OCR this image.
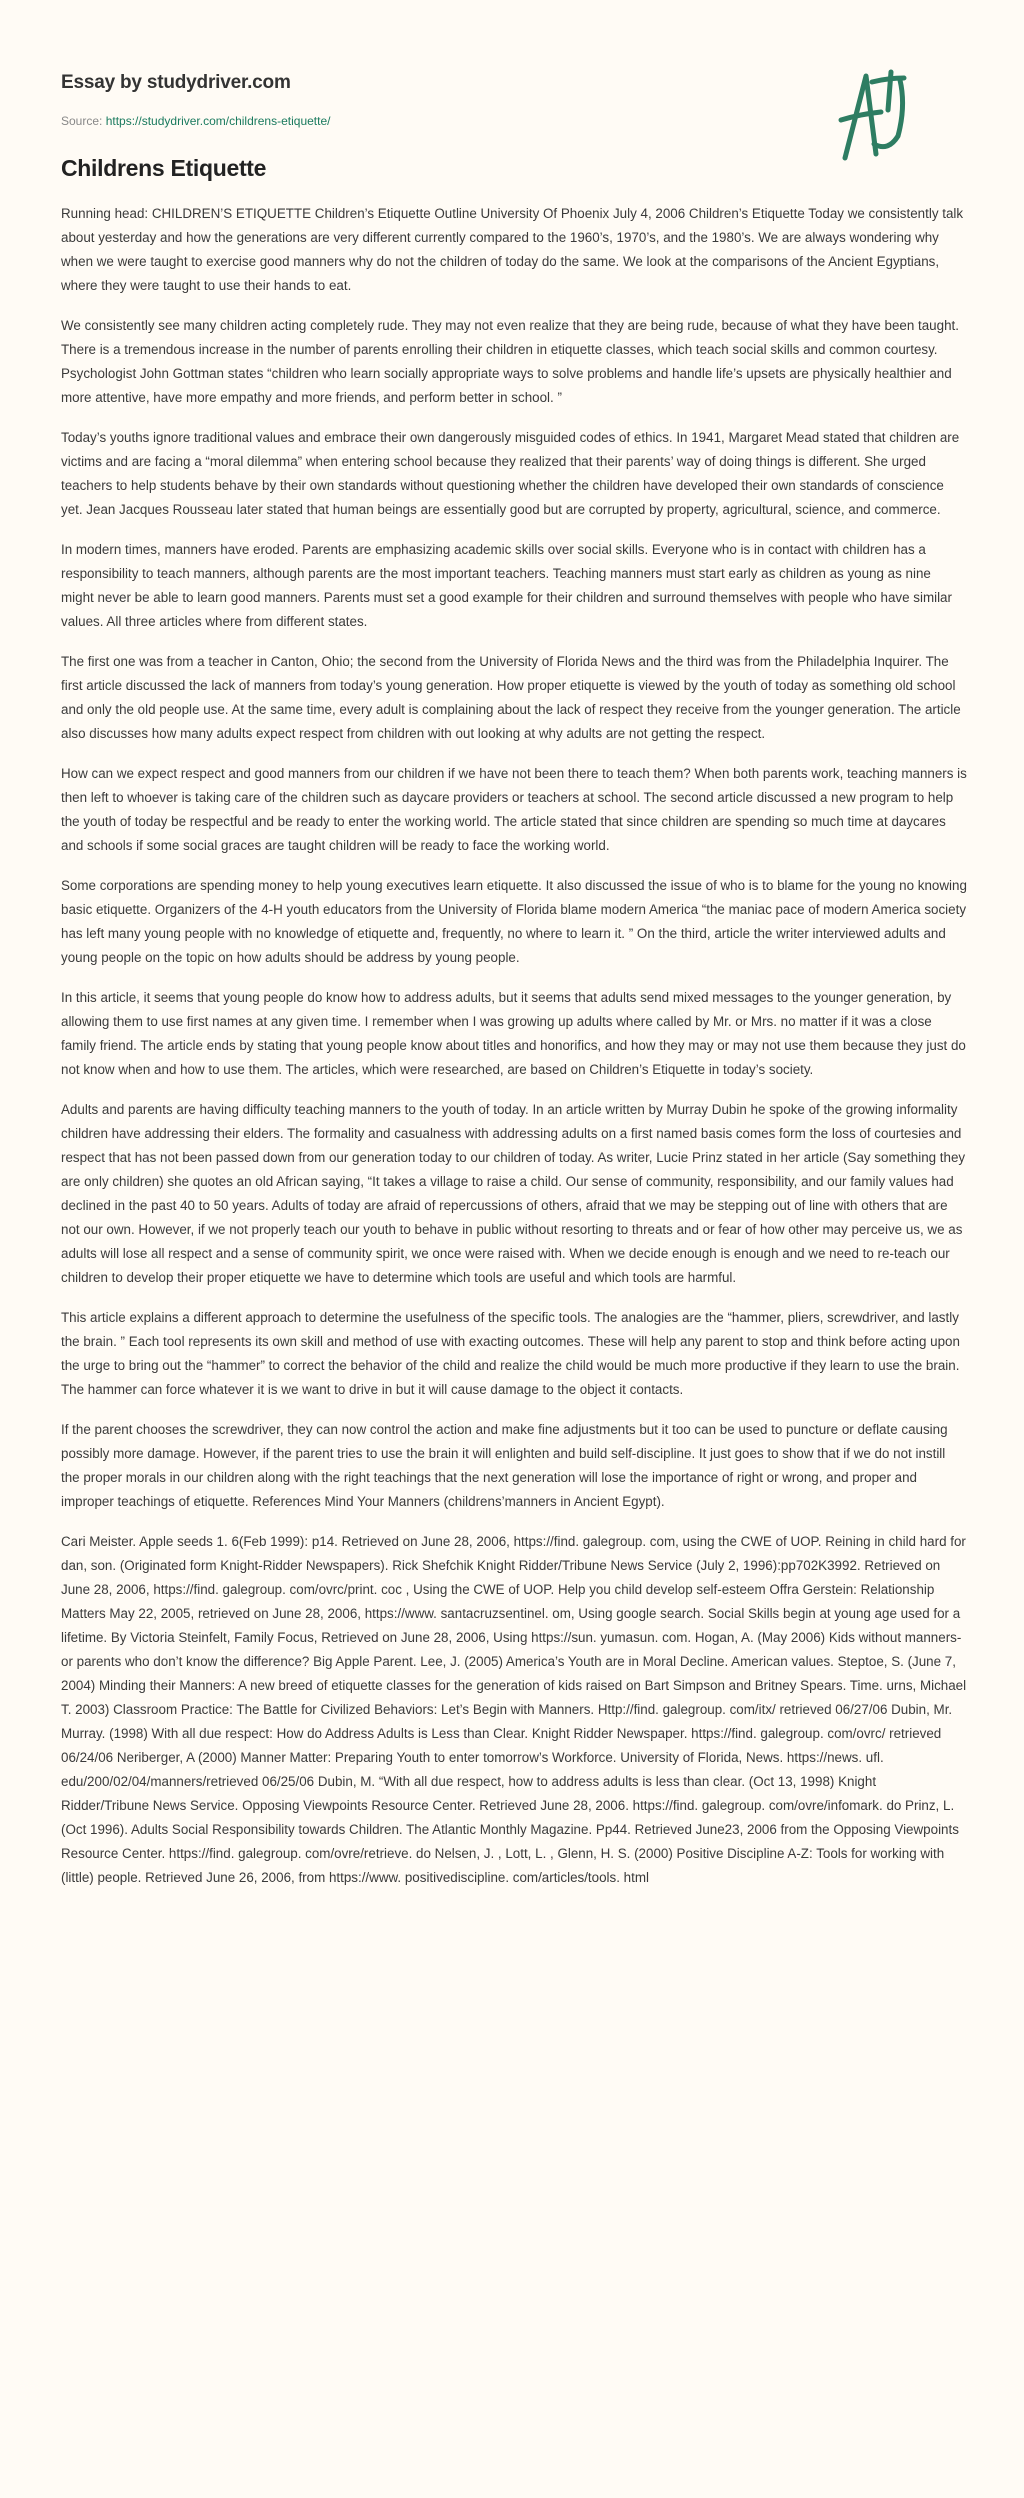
Essay by studydriver.com
Source: https://studydriver.com/childrens-etiquette/
Childrens Etiquette

Running head: CHILDREN’S ETIQUETTE Children’s Etiquette Outline University Of Phoenix July 4, 2006 Children’s Etiquette Today we consistently talk about yesterday and how the generations are very different currently compared to the 1960’s, 1970’s, and the 1980’s. We are always wondering why when we were taught to exercise good manners why do not the children of today do the same. We look at the comparisons of the Ancient Egyptians, where they were taught to use their hands to eat.

We consistently see many children acting completely rude. They may not even realize that they are being rude, because of what they have been taught. There is a tremendous increase in the number of parents enrolling their children in etiquette classes, which teach social skills and common courtesy. Psychologist John Gottman states “children who learn socially appropriate ways to solve problems and handle life’s upsets are physically healthier and more attentive, have more empathy and more friends, and perform better in school. ”

Today’s youths ignore traditional values and embrace their own dangerously misguided codes of ethics. In 1941, Margaret Mead stated that children are victims and are facing a “moral dilemma” when entering school because they realized that their parents’ way of doing things is different. She urged teachers to help students behave by their own standards without questioning whether the children have developed their own standards of conscience yet. Jean Jacques Rousseau later stated that human beings are essentially good but are corrupted by property, agricultural, science, and commerce.

In modern times, manners have eroded. Parents are emphasizing academic skills over social skills. Everyone who is in contact with children has a responsibility to teach manners, although parents are the most important teachers. Teaching manners must start early as children as young as nine might never be able to learn good manners. Parents must set a good example for their children and surround themselves with people who have similar values. All three articles where from different states.

The first one was from a teacher in Canton, Ohio; the second from the University of Florida News and the third was from the Philadelphia Inquirer. The first article discussed the lack of manners from today’s young generation. How proper etiquette is viewed by the youth of today as something old school and only the old people use. At the same time, every adult is complaining about the lack of respect they receive from the younger generation. The article also discusses how many adults expect respect from children with out looking at why adults are not getting the respect.

How can we expect respect and good manners from our children if we have not been there to teach them? When both parents work, teaching manners is then left to whoever is taking care of the children such as daycare providers or teachers at school. The second article discussed a new program to help the youth of today be respectful and be ready to enter the working world. The article stated that since children are spending so much time at daycares and schools if some social graces are taught children will be ready to face the working world.

Some corporations are spending money to help young executives learn etiquette. It also discussed the issue of who is to blame for the young no knowing basic etiquette. Organizers of the 4-H youth educators from the University of Florida blame modern America “the maniac pace of modern America society has left many young people with no knowledge of etiquette and, frequently, no where to learn it. ” On the third, article the writer interviewed adults and young people on the topic on how adults should be address by young people.

In this article, it seems that young people do know how to address adults, but it seems that adults send mixed messages to the younger generation, by allowing them to use first names at any given time. I remember when I was growing up adults where called by Mr. or Mrs. no matter if it was a close family friend. The article ends by stating that young people know about titles and honorifics, and how they may or may not use them because they just do not know when and how to use them. The articles, which were researched, are based on Children’s Etiquette in today’s society.

Adults and parents are having difficulty teaching manners to the youth of today. In an article written by Murray Dubin he spoke of the growing informality children have addressing their elders. The formality and casualness with addressing adults on a first named basis comes form the loss of courtesies and respect that has not been passed down from our generation today to our children of today. As writer, Lucie Prinz stated in her article (Say something they are only children) she quotes an old African saying, “It takes a village to raise a child. Our sense of community, responsibility, and our family values had declined in the past 40 to 50 years. Adults of today are afraid of repercussions of others, afraid that we may be stepping out of line with others that are not our own. However, if we not properly teach our youth to behave in public without resorting to threats and or fear of how other may perceive us, we as adults will lose all respect and a sense of community spirit, we once were raised with. When we decide enough is enough and we need to re-teach our children to develop their proper etiquette we have to determine which tools are useful and which tools are harmful.

This article explains a different approach to determine the usefulness of the specific tools. The analogies are the “hammer, pliers, screwdriver, and lastly the brain. ” Each tool represents its own skill and method of use with exacting outcomes. These will help any parent to stop and think before acting upon the urge to bring out the “hammer” to correct the behavior of the child and realize the child would be much more productive if they learn to use the brain. The hammer can force whatever it is we want to drive in but it will cause damage to the object it contacts.

If the parent chooses the screwdriver, they can now control the action and make fine adjustments but it too can be used to puncture or deflate causing possibly more damage. However, if the parent tries to use the brain it will enlighten and build self-discipline. It just goes to show that if we do not instill the proper morals in our children along with the right teachings that the next generation will lose the importance of right or wrong, and proper and improper teachings of etiquette. References Mind Your Manners (childrens’manners in Ancient Egypt).

Cari Meister. Apple seeds 1. 6(Feb 1999): p14. Retrieved on June 28, 2006, https://find. galegroup. com, using the CWE of UOP. Reining in child hard for dan, son. (Originated form Knight-Ridder Newspapers). Rick Shefchik Knight Ridder/Tribune News Service (July 2, 1996):pp702K3992. Retrieved on June 28, 2006, https://find. galegroup. com/ovrc/print. coc , Using the CWE of UOP. Help you child develop self-esteem Offra Gerstein: Relationship Matters May 22, 2005, retrieved on June 28, 2006, https://www. santacruzsentinel. om, Using google search. Social Skills begin at young age used for a lifetime. By Victoria Steinfelt, Family Focus, Retrieved on June 28, 2006, Using https://sun. yumasun. com. Hogan, A. (May 2006) Kids without manners-or parents who don’t know the difference? Big Apple Parent. Lee, J. (2005) America’s Youth are in Moral Decline. American values. Steptoe, S. (June 7, 2004) Minding their Manners: A new breed of etiquette classes for the generation of kids raised on Bart Simpson and Britney Spears. Time. urns, Michael T. 2003) Classroom Practice: The Battle for Civilized Behaviors: Let’s Begin with Manners. Http://find. galegroup. com/itx/ retrieved 06/27/06 Dubin, Mr. Murray. (1998) With all due respect: How do Address Adults is Less than Clear. Knight Ridder Newspaper. https://find. galegroup. com/ovrc/ retrieved 06/24/06 Neriberger, A (2000) Manner Matter: Preparing Youth to enter tomorrow’s Workforce. University of Florida, News. https://news. ufl. edu/200/02/04/manners/retrieved 06/25/06 Dubin, M. “With all due respect, how to address adults is less than clear. (Oct 13, 1998) Knight Ridder/Tribune News Service. Opposing Viewpoints Resource Center. Retrieved June 28, 2006. https://find. galegroup. com/ovre/infomark. do Prinz, L. (Oct 1996). Adults Social Responsibility towards Children. The Atlantic Monthly Magazine. Pp44. Retrieved June23, 2006 from the Opposing Viewpoints Resource Center. https://find. galegroup. com/ovre/retrieve. do Nelsen, J. , Lott, L. , Glenn, H. S. (2000) Positive Discipline A-Z: Tools for working with (little) people. Retrieved June 26, 2006, from https://www. positivediscipline. com/articles/tools. html
